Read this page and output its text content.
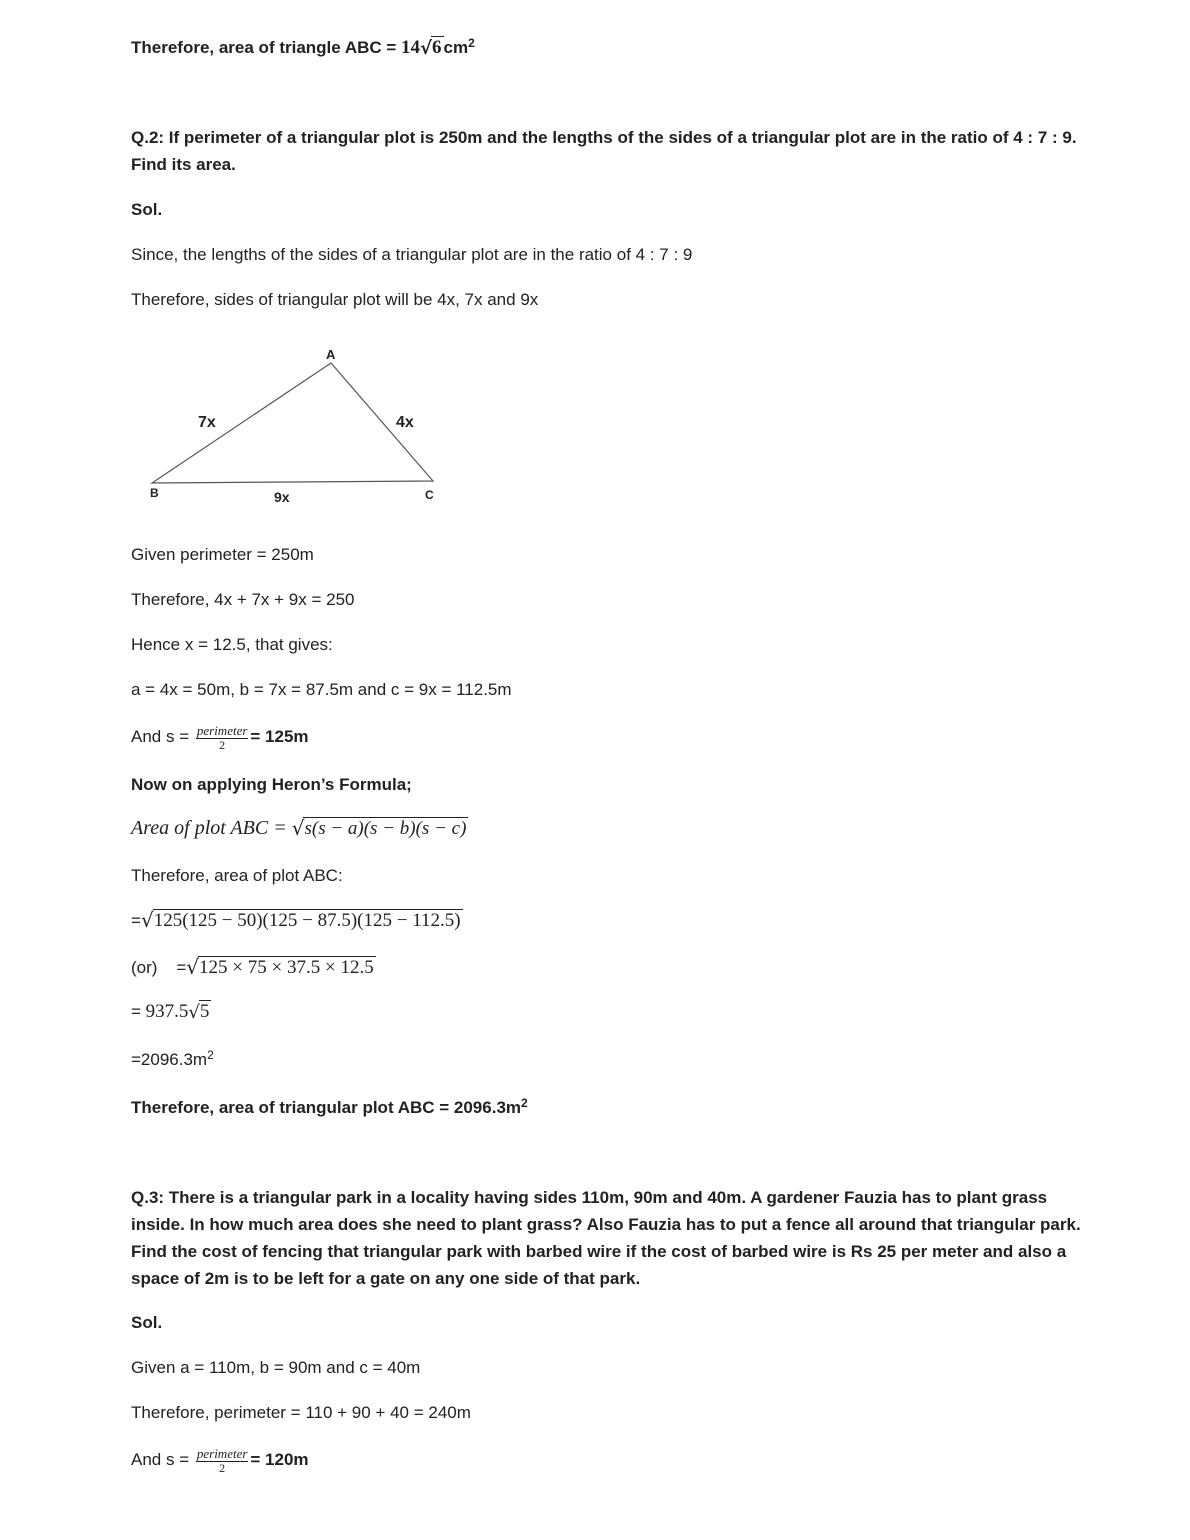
Therefore, area of triangle ABC = 14√6 $cm^2$

Q.2: If perimeter of a triangular plot is 250m and the lengths of the sides of a triangular plot are in the ratio of 4 : 7 : 9. Find its area.

Sol.

Since, the lengths of the sides of a triangular plot are in the ratio of 4 : 7 : 9

Therefore, sides of triangular plot will be 4x, 7x and 9x

A
B	C
7x	4x
9x

Given perimeter = 250m

Therefore, 4x + 7x + 9x = 250

Hence x = 12.5, that gives:

a = 4x = 50m, b = 7x = 87.5m and c = 9x = 112.5m

And $s = \frac{\text{perimeter}}{2} = 125m$

Now on applying Heron’s Formula;

Area of plot ABC = √s(s − a)(s − b)(s − c)

Therefore, area of plot ABC:

=√125(125 − 50)(125 − 87.5)(125 − 112.5)

(or) =√125 × 75 × 37.5 × 12.5

= 937.5√5

$=2096.3m^2$

Therefore, area of triangular plot ABC = $2096.3m^2$

Q.3: There is a triangular park in a locality having sides 110m, 90m and 40m. A gardener Fauzia has to plant grass inside. In how much area does she need to plant grass? Also Fauzia has to put a fence all around that triangular park. Find the cost of fencing that triangular park with barbed wire if the cost of barbed wire is Rs 25 per meter and also a space of 2m is to be left for a gate on any one side of that park.

Sol.

Given a = 110m, b = 90m and c = 40m

Therefore, perimeter = 110 + 90 + 40 = 240m

And $s = \frac{\text{perimeter}}{2} = 120m$
